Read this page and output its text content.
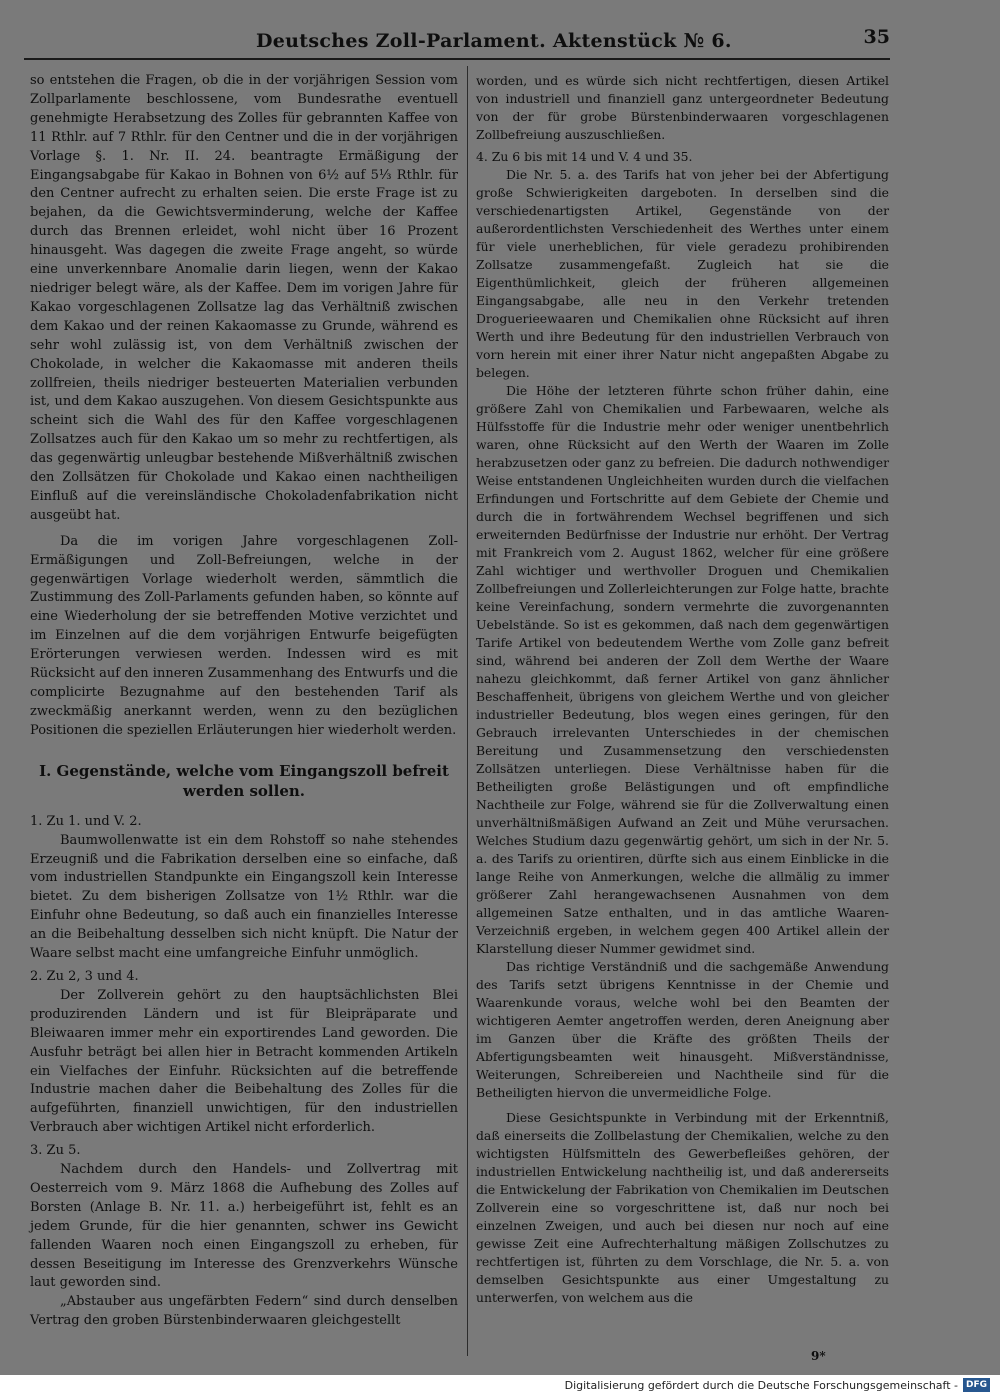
Deutsches Zoll-Parlament. Aktenstück № 6.	35

so entstehen die Fragen, ob die in der vorjährigen Session vom Zollparlamente beschlossene, vom Bundesrathe eventuell genehmigte Herabsetzung des Zolles für gebrannten Kaffee von 11 Rthlr. auf 7 Rthlr. für den Centner und die in der vorjährigen Vorlage §. 1. Nr. II. 24. beantragte Ermäßigung der Eingangsabgabe für Kakao in Bohnen von 6½ auf 5⅓ Rthlr. für den Centner aufrecht zu erhalten seien. Die erste Frage ist zu bejahen, da die Gewichtsverminderung, welche der Kaffee durch das Brennen erleidet, wohl nicht über 16 Prozent hinausgeht. Was dagegen die zweite Frage angeht, so würde eine unverkennbare Anomalie darin liegen, wenn der Kakao niedriger belegt wäre, als der Kaffee. Dem im vorigen Jahre für Kakao vorgeschlagenen Zollsatze lag das Verhältniß zwischen dem Kakao und der reinen Kakaomasse zu Grunde, während es sehr wohl zulässig ist, von dem Verhältniß zwischen der Chokolade, in welcher die Kakaomasse mit anderen theils zollfreien, theils niedriger besteuerten Materialien verbunden ist, und dem Kakao auszugehen. Von diesem Gesichtspunkte aus scheint sich die Wahl des für den Kaffee vorgeschlagenen Zollsatzes auch für den Kakao um so mehr zu rechtfertigen, als das gegenwärtig unleugbar bestehende Mißverhältniß zwischen den Zollsätzen für Chokolade und Kakao einen nachtheiligen Einfluß auf die vereinsländische Chokoladenfabrikation nicht ausgeübt hat.

Da die im vorigen Jahre vorgeschlagenen Zoll-Ermäßigungen und Zoll-Befreiungen, welche in der gegenwärtigen Vorlage wiederholt werden, sämmtlich die Zustimmung des Zoll-Parlaments gefunden haben, so könnte auf eine Wiederholung der sie betreffenden Motive verzichtet und im Einzelnen auf die dem vorjährigen Entwurfe beigefügten Erörterungen verwiesen werden. Indessen wird es mit Rücksicht auf den inneren Zusammenhang des Entwurfs und die complicirte Bezugnahme auf den bestehenden Tarif als zweckmäßig anerkannt werden, wenn zu den bezüglichen Positionen die speziellen Erläuterungen hier wiederholt werden.

I. Gegenstände, welche vom Eingangszoll befreit werden sollen.

1. Zu 1. und V. 2.

Baumwollenwatte ist ein dem Rohstoff so nahe stehendes Erzeugniß und die Fabrikation derselben eine so einfache, daß vom industriellen Standpunkte ein Eingangszoll kein Interesse bietet. Zu dem bisherigen Zollsatze von 1½ Rthlr. war die Einfuhr ohne Bedeutung, so daß auch ein finanzielles Interesse an die Beibehaltung desselben sich nicht knüpft. Die Natur der Waare selbst macht eine umfangreiche Einfuhr unmöglich.

2. Zu 2, 3 und 4.

Der Zollverein gehört zu den hauptsächlichsten Blei produzirenden Ländern und ist für Bleipräparate und Bleiwaaren immer mehr ein exportirendes Land geworden. Die Ausfuhr beträgt bei allen hier in Betracht kommenden Artikeln ein Vielfaches der Einfuhr. Rücksichten auf die betreffende Industrie machen daher die Beibehaltung des Zolles für die aufgeführten, finanziell unwichtigen, für den industriellen Verbrauch aber wichtigen Artikel nicht erforderlich.

3. Zu 5.

Nachdem durch den Handels- und Zollvertrag mit Oesterreich vom 9. März 1868 die Aufhebung des Zolles auf Borsten (Anlage B. Nr. 11. a.) herbeigeführt ist, fehlt es an jedem Grunde, für die hier genannten, schwer ins Gewicht fallenden Waaren noch einen Eingangszoll zu erheben, für dessen Beseitigung im Interesse des Grenzverkehrs Wünsche laut geworden sind.

„Abstauber aus ungefärbten Federn“ sind durch denselben Vertrag den groben Bürstenbinderwaaren gleichgestellt

worden, und es würde sich nicht rechtfertigen, diesen Artikel von industriell und finanziell ganz untergeordneter Bedeutung von der für grobe Bürstenbinderwaaren vorgeschlagenen Zollbefreiung auszuschließen.

4. Zu 6 bis mit 14 und V. 4 und 35.

Die Nr. 5. a. des Tarifs hat von jeher bei der Abfertigung große Schwierigkeiten dargeboten. In derselben sind die verschiedenartigsten Artikel, Gegenstände von der außerordentlichsten Verschiedenheit des Werthes unter einem für viele unerheblichen, für viele geradezu prohibirenden Zollsatze zusammengefaßt. Zugleich hat sie die Eigenthümlichkeit, gleich der früheren allgemeinen Eingangsabgabe, alle neu in den Verkehr tretenden Droguerieewaaren und Chemikalien ohne Rücksicht auf ihren Werth und ihre Bedeutung für den industriellen Verbrauch von vorn herein mit einer ihrer Natur nicht angepaßten Abgabe zu belegen.

Die Höhe der letzteren führte schon früher dahin, eine größere Zahl von Chemikalien und Farbewaaren, welche als Hülfsstoffe für die Industrie mehr oder weniger unentbehrlich waren, ohne Rücksicht auf den Werth der Waaren im Zolle herabzusetzen oder ganz zu befreien. Die dadurch nothwendiger Weise entstandenen Ungleichheiten wurden durch die vielfachen Erfindungen und Fortschritte auf dem Gebiete der Chemie und durch die in fortwährendem Wechsel begriffenen und sich erweiternden Bedürfnisse der Industrie nur erhöht. Der Vertrag mit Frankreich vom 2. August 1862, welcher für eine größere Zahl wichtiger und werthvoller Droguen und Chemikalien Zollbefreiungen und Zollerleichterungen zur Folge hatte, brachte keine Vereinfachung, sondern vermehrte die zuvorgenannten Uebelstände. So ist es gekommen, daß nach dem gegenwärtigen Tarife Artikel von bedeutendem Werthe vom Zolle ganz befreit sind, während bei anderen der Zoll dem Werthe der Waare nahezu gleichkommt, daß ferner Artikel von ganz ähnlicher Beschaffenheit, übrigens von gleichem Werthe und von gleicher industrieller Bedeutung, blos wegen eines geringen, für den Gebrauch irrelevanten Unterschiedes in der chemischen Bereitung und Zusammensetzung den verschiedensten Zollsätzen unterliegen. Diese Verhältnisse haben für die Betheiligten große Belästigungen und oft empfindliche Nachtheile zur Folge, während sie für die Zollverwaltung einen unverhältnißmäßigen Aufwand an Zeit und Mühe verursachen. Welches Studium dazu gegenwärtig gehört, um sich in der Nr. 5. a. des Tarifs zu orientiren, dürfte sich aus einem Einblicke in die lange Reihe von Anmerkungen, welche die allmälig zu immer größerer Zahl herangewachsenen Ausnahmen von dem allgemeinen Satze enthalten, und in das amtliche Waaren-Verzeichniß ergeben, in welchem gegen 400 Artikel allein der Klarstellung dieser Nummer gewidmet sind.

Das richtige Verständniß und die sachgemäße Anwendung des Tarifs setzt übrigens Kenntnisse in der Chemie und Waarenkunde voraus, welche wohl bei den Beamten der wichtigeren Aemter angetroffen werden, deren Aneignung aber im Ganzen über die Kräfte des größten Theils der Abfertigungsbeamten weit hinausgeht. Mißverständnisse, Weiterungen, Schreibereien und Nachtheile sind für die Betheiligten hiervon die unvermeidliche Folge.

Diese Gesichtspunkte in Verbindung mit der Erkenntniß, daß einerseits die Zollbelastung der Chemikalien, welche zu den wichtigsten Hülfsmitteln des Gewerbefleißes gehören, der industriellen Entwickelung nachtheilig ist, und daß andererseits die Entwickelung der Fabrikation von Chemikalien im Deutschen Zollverein eine so vorgeschrittene ist, daß nur noch bei einzelnen Zweigen, und auch bei diesen nur noch auf eine gewisse Zeit eine Aufrechterhaltung mäßigen Zollschutzes zu rechtfertigen ist, führten zu dem Vorschlage, die Nr. 5. a. von demselben Gesichtspunkte aus einer Umgestaltung zu unterwerfen, von welchem aus die

9*
Digitalisierung gefördert durch die Deutsche Forschungsgemeinschaft - DFG
